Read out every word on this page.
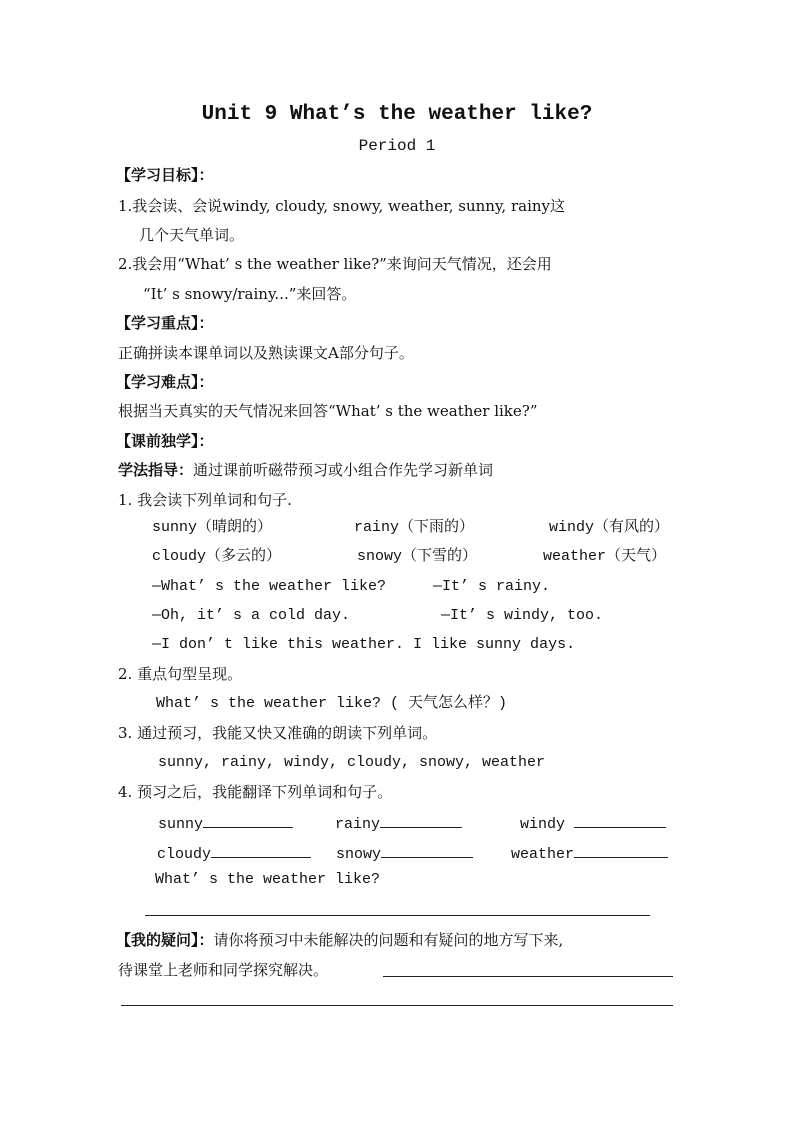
Unit 9 What’s the weather like?
Period 1
【学习目标】：
1.我会读、会说windy, cloudy, snowy, weather, sunny, rainy这
几个天气单词。
2.我会用“What’ s the weather like?”来询问天气情况，还会用
“It’ s snowy/rainy...”来回答。
【学习重点】：
正确拼读本课单词以及熟读课文A部分句子。
【学习难点】：
根据当天真实的天气情况来回答“What’ s the weather like?”
【课前独学】：
学法指导：通过课前听磁带预习或小组合作先学习新单词
1. 我会读下列单词和句子.
sunny（晴朗的）	rainy（下雨的）	windy（有风的）
cloudy（多云的）	snowy（下雪的）	weather（天气）
—What’ s the weather like?	—It’ s rainy.
—Oh, it’ s a cold day.	—It’ s windy, too.
—I don’ t like this weather. I like sunny days.
2. 重点句型呈现。
What’ s the weather like? ( 天气怎么样？)
3. 通过预习，我能又快又准确的朗读下列单词。
sunny, rainy, windy, cloudy, snowy, weather
4. 预习之后，我能翻译下列单词和句子。
sunny	rainy	windy
cloudy	snowy	weather
What’ s the weather like?
【我的疑问】：请你将预习中未能解决的问题和有疑问的地方写下来,
待课堂上老师和同学探究解决。
